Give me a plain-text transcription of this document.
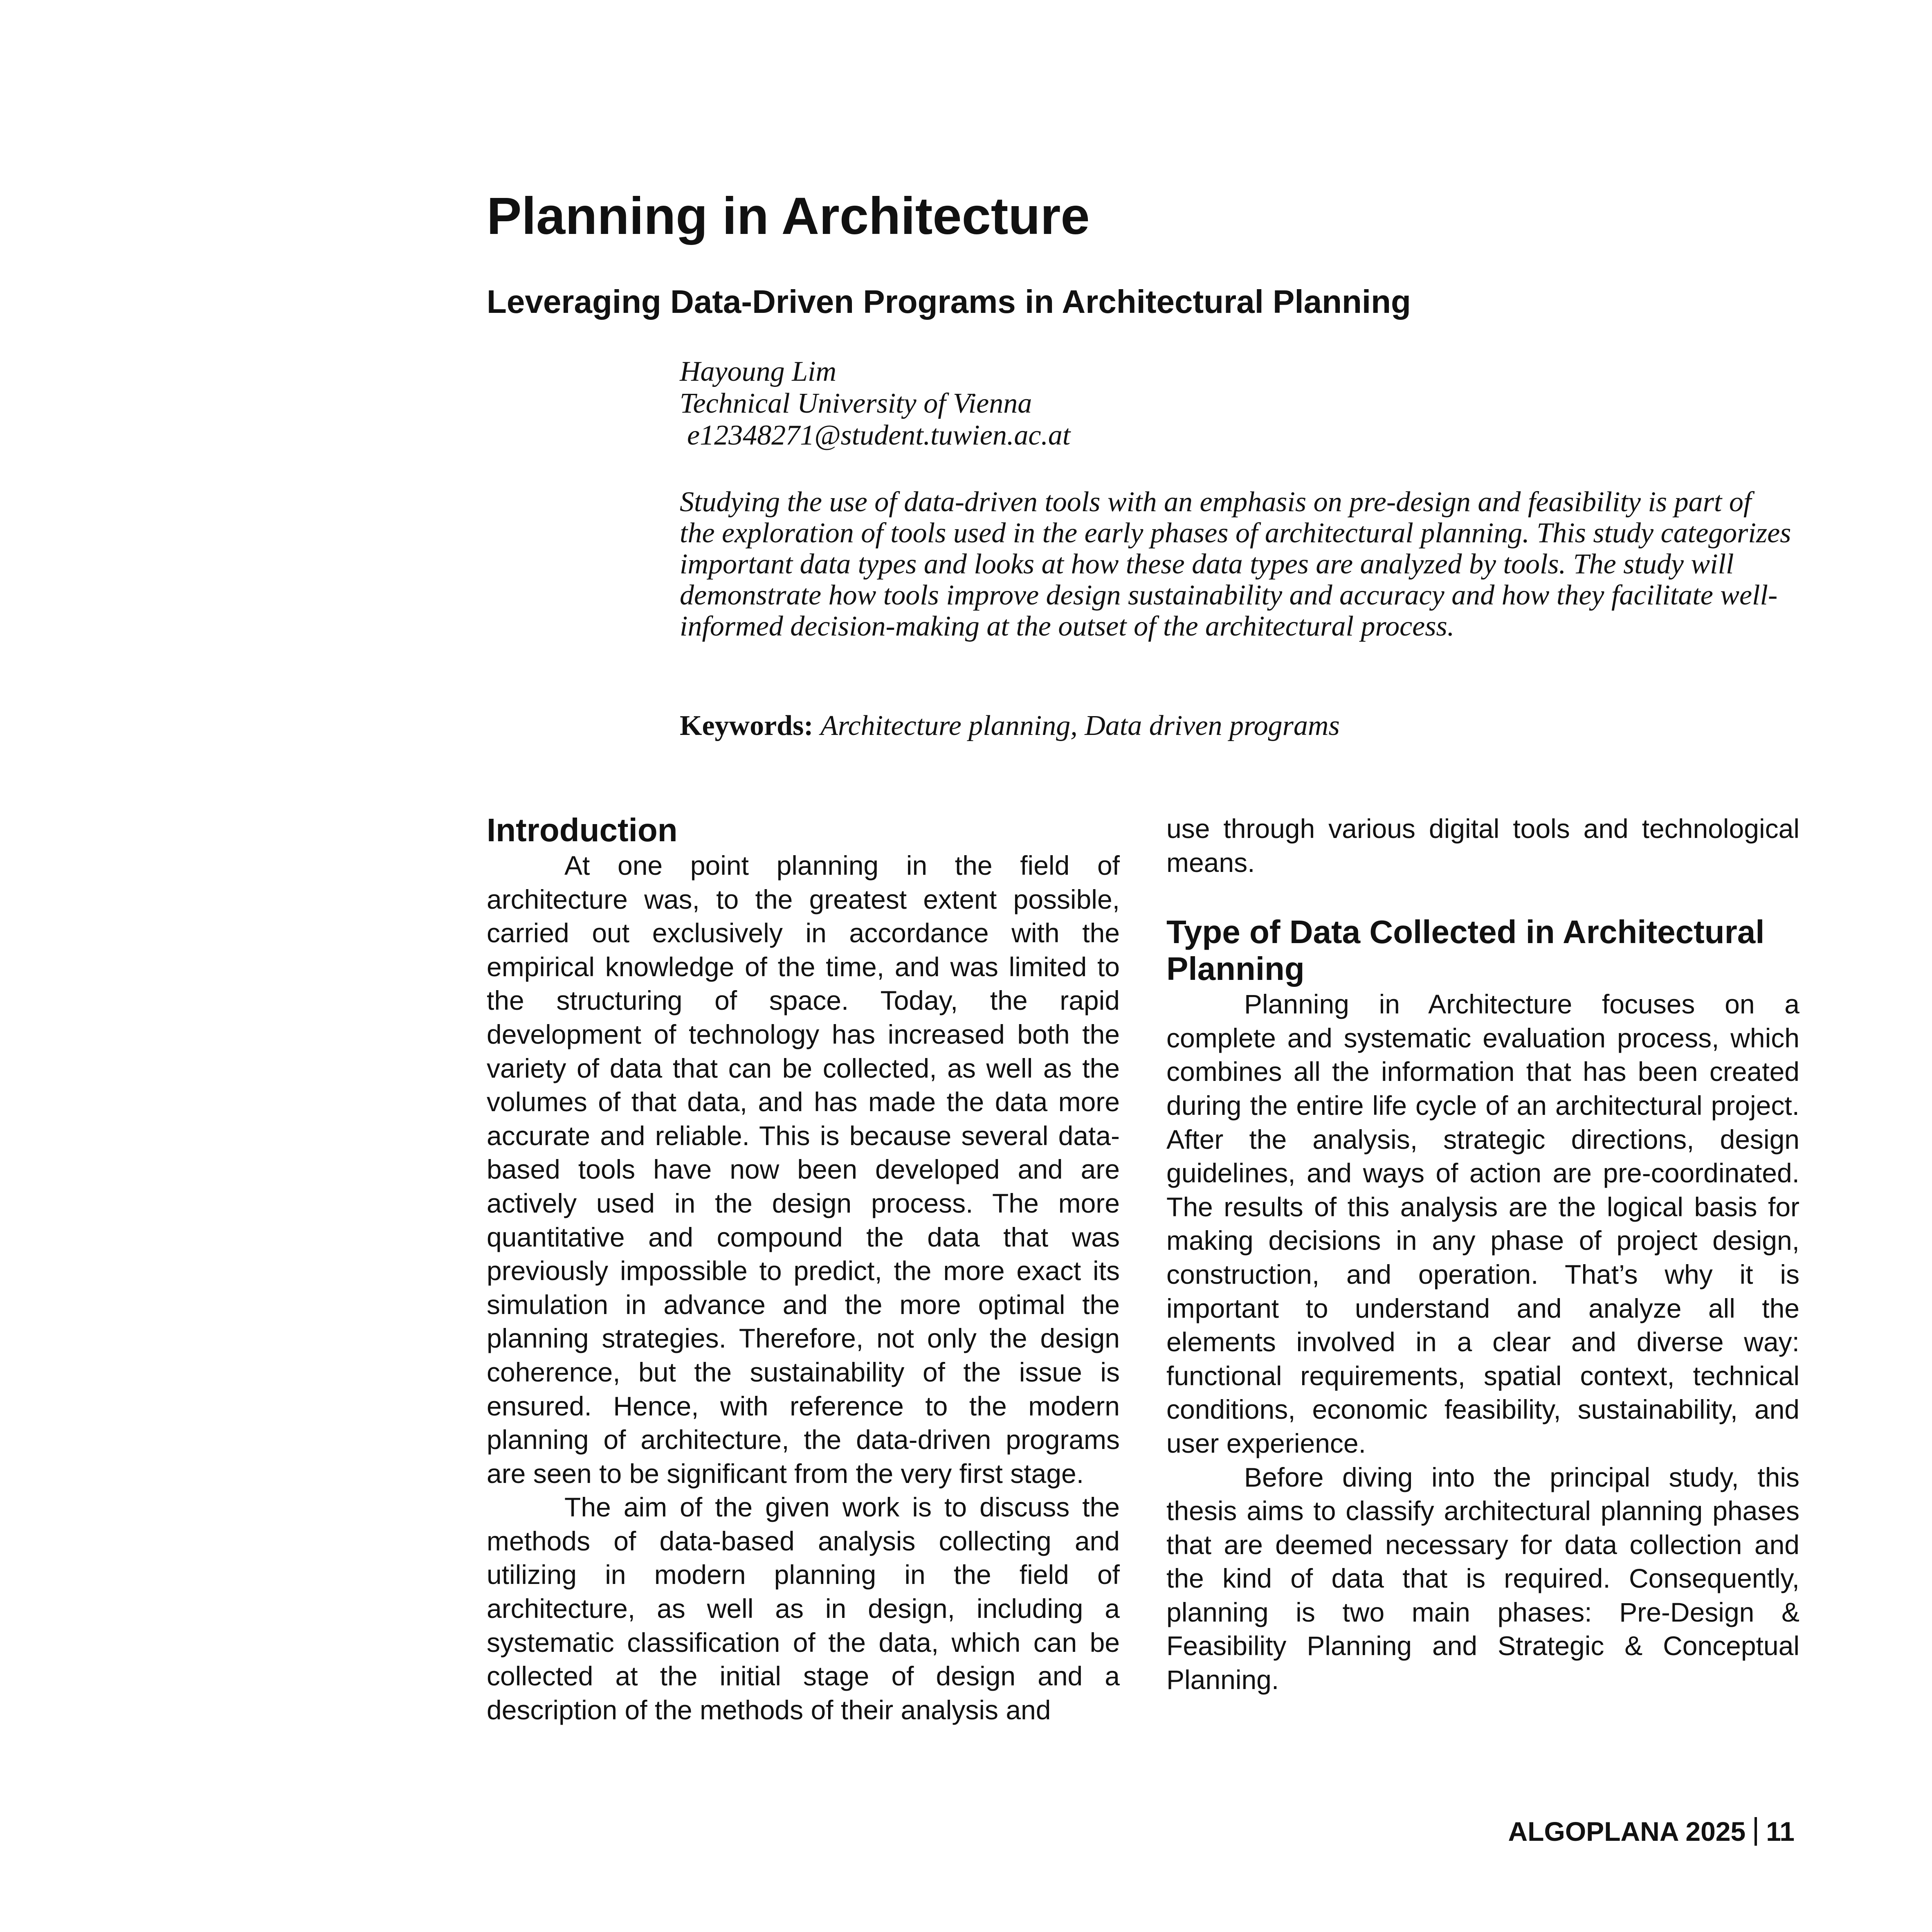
Planning in Architecture
Leveraging Data-Driven Programs in Architectural Planning
Hayoung Lim
Technical University of Vienna
e12348271@student.tuwien.ac.at

Studying the use of data-driven tools with an emphasis on pre-design and feasibility is part of the exploration of tools used in the early phases of architectural planning. This study categorizes important data types and looks at how these data types are analyzed by tools. The study will demonstrate how tools improve design sustainability and accuracy and how they facilitate well-informed decision-making at the outset of the architectural process.

Keywords: Architecture planning, Data driven programs

Introduction

At one point planning in the field of architecture was, to the greatest extent possible, carried out exclusively in accordance with the empirical knowledge of the time, and was limited to the structuring of space. Today, the rapid development of technology has increased both the variety of data that can be collected, as well as the volumes of that data, and has made the data more accurate and reliable. This is because several data-based tools have now been developed and are actively used in the design process. The more quantitative and compound the data that was previously impossible to predict, the more exact its simulation in advance and the more optimal the planning strategies. Therefore, not only the design coherence, but the sustainability of the issue is ensured. Hence, with reference to the modern planning of architecture, the data-driven programs are seen to be significant from the very first stage.

The aim of the given work is to discuss the methods of data-based analysis collecting and utilizing in modern planning in the field of architecture, as well as in design, including a systematic classification of the data, which can be collected at the initial stage of design and a description of the methods of their analysis and

use through various digital tools and technological means.

Type of Data Collected in Architectural Planning

Planning in Architecture focuses on a complete and systematic evaluation process, which combines all the information that has been created during the entire life cycle of an architectural project. After the analysis, strategic directions, design guidelines, and ways of action are pre-coordinated. The results of this analysis are the logical basis for making decisions in any phase of project design, construction, and operation. That’s why it is important to understand and analyze all the elements involved in a clear and diverse way: functional requirements, spatial context, technical conditions, economic feasibility, sustainability, and user experience.

Before diving into the principal study, this thesis aims to classify architectural planning phases that are deemed necessary for data collection and the kind of data that is required. Consequently, planning is two main phases: Pre-Design & Feasibility Planning and Strategic & Conceptual Planning.

ALGOPLANA 2025 11
